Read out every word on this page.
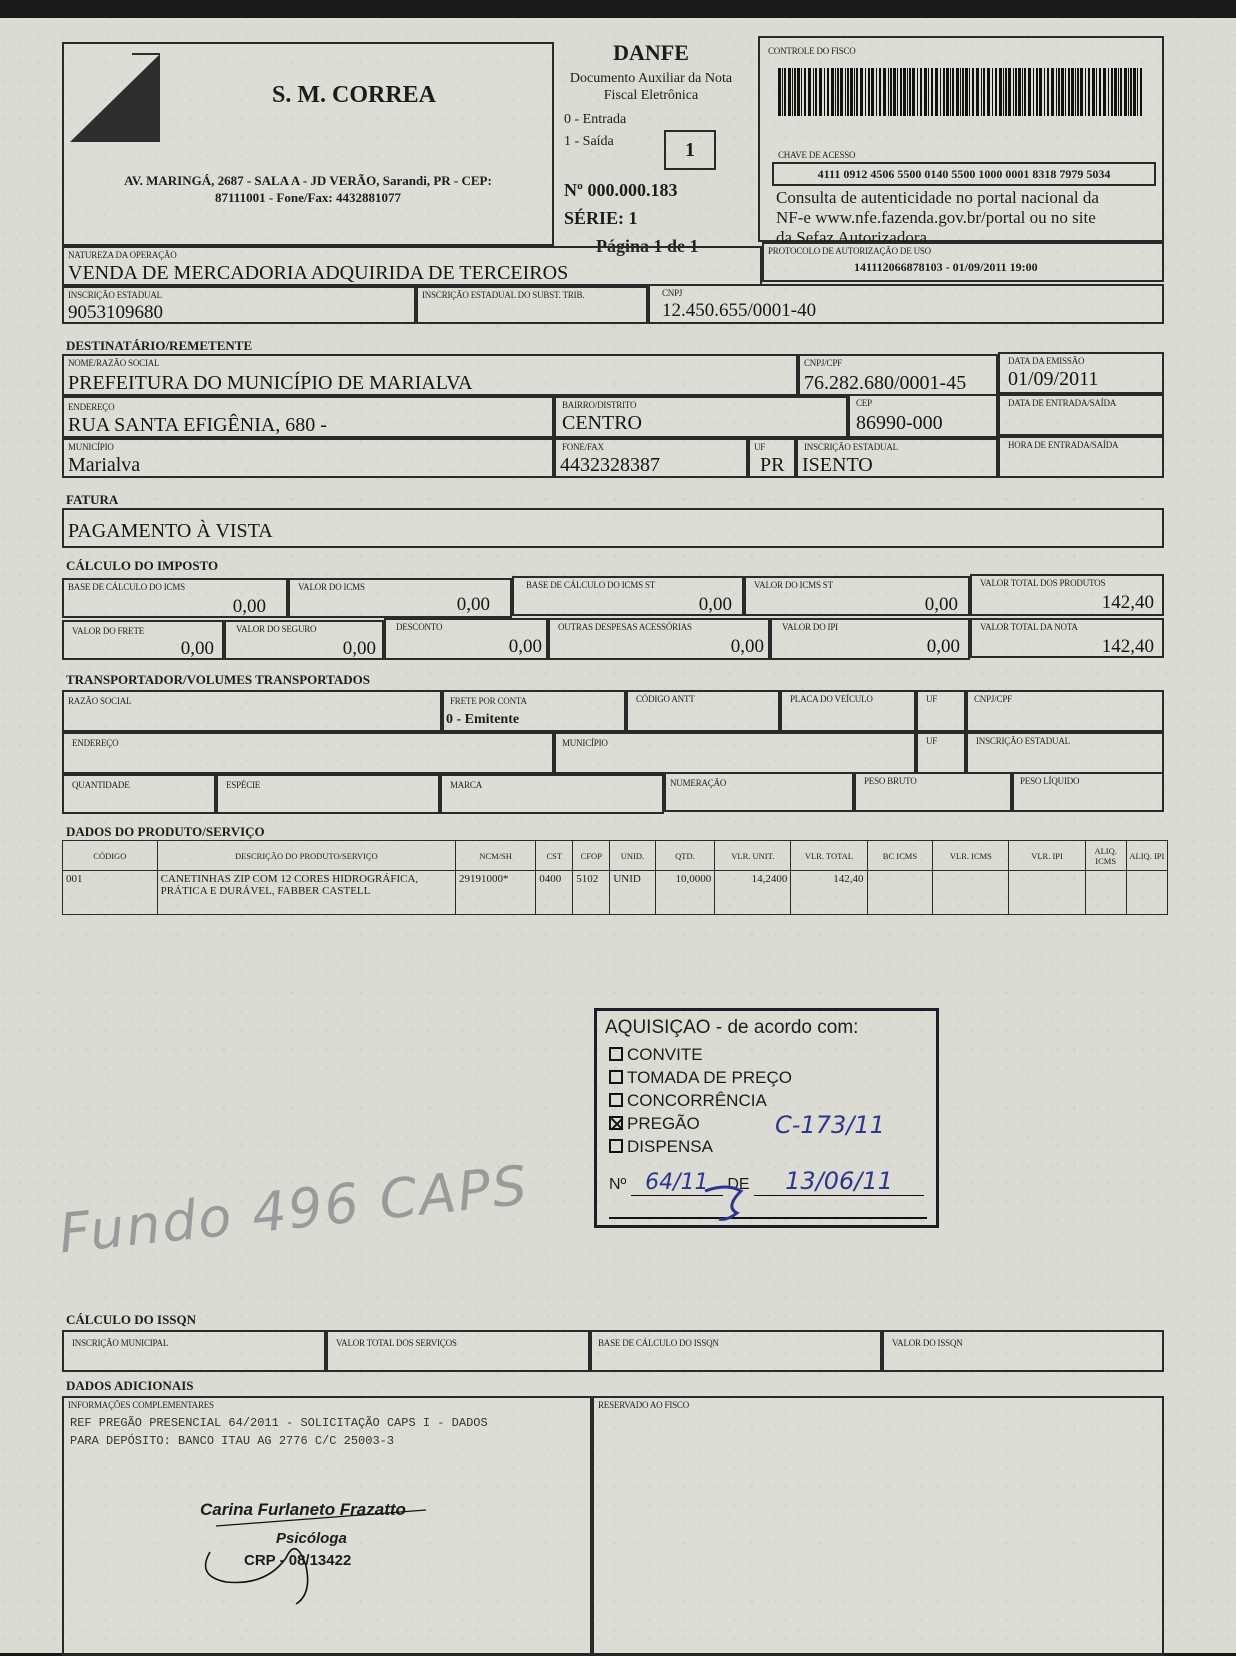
S. M. CORREA
AV. MARINGÁ, 2687 - SALA A - JD VERÃO, Sarandi, PR - CEP:
87111001 - Fone/Fax: 4432881077
DANFE
Documento Auxiliar da Nota
Fiscal Eletrônica
0 - Entrada
1 - Saída	1
Nº 000.000.183
SÉRIE: 1
Página 1 de 1
CONTROLE DO FISCO
CHAVE DE ACESSO
4111 0912 4506 5500 0140 5500 1000 0001 8318 7979 5034
Consulta de autenticidade no portal nacional da
NF-e www.nfe.fazenda.gov.br/portal ou no site
da Sefaz Autorizadora
NATUREZA DA OPERAÇÃO
VENDA DE MERCADORIA ADQUIRIDA DE TERCEIROS
PROTOCOLO DE AUTORIZAÇÃO DE USO
141112066878103 - 01/09/2011 19:00
INSCRIÇÃO ESTADUAL
9053109680
INSCRIÇÃO ESTADUAL DO SUBST. TRIB.	CNPJ
12.450.655/0001-40
DESTINATÁRIO/REMETENTE
NOME/RAZÃO SOCIAL
PREFEITURA DO MUNICÍPIO DE MARIALVA
CNPJ/CPF
76.282.680/0001-45
DATA DA EMISSÃO
01/09/2011
ENDEREÇO
RUA SANTA EFIGÊNIA, 680 -
BAIRRO/DISTRITO
CENTRO
CEP
86990-000
DATA DE ENTRADA/SAÍDA
MUNICÍPIO
Marialva
FONE/FAX
4432328387
UF
PR
INSCRIÇÃO ESTADUAL
ISENTO
HORA DE ENTRADA/SAÍDA
FATURA
PAGAMENTO À VISTA
CÁLCULO DO IMPOSTO
BASE DE CÁLCULO DO ICMS
0,00
VALOR DO ICMS
0,00
BASE DE CÁLCULO DO ICMS ST
0,00
VALOR DO ICMS ST
0,00
VALOR TOTAL DOS PRODUTOS
142,40
VALOR DO FRETE
0,00
VALOR DO SEGURO
0,00
DESCONTO
0,00
OUTRAS DESPESAS ACESSÓRIAS
0,00
VALOR DO IPI
0,00
VALOR TOTAL DA NOTA
142,40
TRANSPORTADOR/VOLUMES TRANSPORTADOS
RAZÃO SOCIAL	FRETE POR CONTA
0 - Emitente
CÓDIGO ANTT	PLACA DO VEÍCULO	UF	CNPJ/CPF
ENDEREÇO	MUNICÍPIO	UF	INSCRIÇÃO ESTADUAL
QUANTIDADE	ESPÉCIE	MARCA	NUMERAÇÃO	PESO BRUTO	PESO LÍQUIDO
DADOS DO PRODUTO/SERVIÇO
CÓDIGO	DESCRIÇÃO DO PRODUTO/SERVIÇO	NCM/SH	CST	CFOP	UNID.	QTD.	VLR. UNIT.	VLR. TOTAL	BC ICMS	VLR. ICMS	VLR. IPI	ALIQ. ICMS	ALIQ. IPI
001	CANETINHAS ZIP COM 12 CORES HIDROGRÁFICA, PRÁTICA E DURÁVEL, FABBER CASTELL	29191000*	0400	5102	UNID	10,0000	14,2400	142,40					
AQUISIÇAO - de acordo com:
CONVITE
TOMADA DE PREÇO
CONCORRÊNCIA
PREGÃO
DISPENSA
C-173/11
Nº 64/11 DE 13/06/11
Fundo 496 CAPS
CÁLCULO DO ISSQN
INSCRIÇÃO MUNICIPAL	VALOR TOTAL DOS SERVIÇOS	BASE DE CÁLCULO DO ISSQN	VALOR DO ISSQN
DADOS ADICIONAIS
INFORMAÇÕES COMPLEMENTARES
REF PREGÃO PRESENCIAL 64/2011 - SOLICITAÇÃO CAPS I - DADOS
PARA DEPÓSITO: BANCO ITAU AG 2776 C/C 25003-3
RESERVADO AO FISCO
Carina Furlaneto Frazatto
Psicóloga
CRP - 08/13422
